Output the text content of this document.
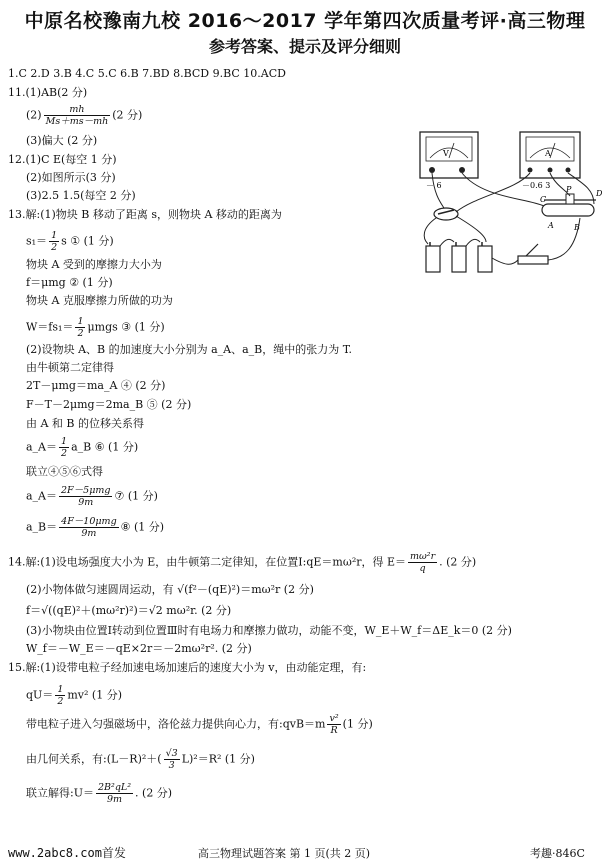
中原名校豫南九校 2016～2017 学年第四次质量考评·高三物理
参考答案、提示及评分细则
1.C 2.D 3.B 4.C 5.C 6.B 7.BD 8.BCD 9.BC 10.ACD
11.(1)AB(2 分)
$(2) \frac{mh}{Ms+ms-mh} (2$ 分)
(3)偏大 (2 分)
12.(1)C E(每空 1 分)
(2)如图所示(3 分)
(3)2.5 1.5(每空 2 分)
13.解:(1)物块 B 移动了距离 s，则物块 A 移动的距离为
$s_1= \frac{1}{2}$ s ① (1 分)
物块 A 受到的摩擦力大小为
f＝μmg ② (1 分)
物块 A 克服摩擦力所做的功为
$W=fs_1= \frac{1}{2}$ μmgs ③ (1 分)
(2)设物块 A、B 的加速度大小分别为 a_A、a_B，绳中的张力为 T.
由牛顿第二定律得
2T－μmg＝ma_A ④ (2 分)
F－T－2μmg＝2ma_B ⑤ (2 分)
由 A 和 B 的位移关系得
a_A＝ $\frac{1}{2}$ a_B ⑥ (1 分)
联立④⑤⑥式得
a_A＝ $\frac{\text{2F－5μmg}}{9m}$ ⑦ (1 分)
a_B＝ $\frac{\text{4F－10μmg}}{9m}$ ⑧ (1 分)
14.解:(1)设电场强度大小为 E，由牛顿第二定律知，在位置Ⅰ:qE＝mω²r，得 $E= \frac{\text{mω²r}}{q}$ . (2 分)
(2)小物体做匀速圆周运动，有 √(f²－(qE)²)＝mω²r (2 分)
f＝√((qE)²＋(mω²r)²)＝√2 mω²r. (2 分)
(3)小物块由位置Ⅰ转动到位置Ⅲ时有电场力和摩擦力做功，动能不变，W_E＋W_f＝ΔE_k＝0 (2 分)
W_f＝－W_E＝－qE×2r＝－2mω²r². (2 分)
15.解:(1)设带电粒子经加速电场加速后的速度大小为 v，由动能定理，有:
$qU= \frac{1}{2} mv^2$ (1 分)
带电粒子进入匀强磁场中，洛伦兹力提供向心力，有:qvB＝m $\frac{\text{v²}}{R} (1$ 分)
由几何关系，有:(L－R)²＋( $\frac{√3}{3} L)^2=R^2$ (1 分)
联立解得:U＝ $\frac{\text{2B²qL²}}{9m}$ . (2 分)
V
－ 6
A
－0.6 3
C
P	D
A	B
www.2abc8.com首发	高三物理试题答案 第 1 页(共 2 页)	考趣·846C
